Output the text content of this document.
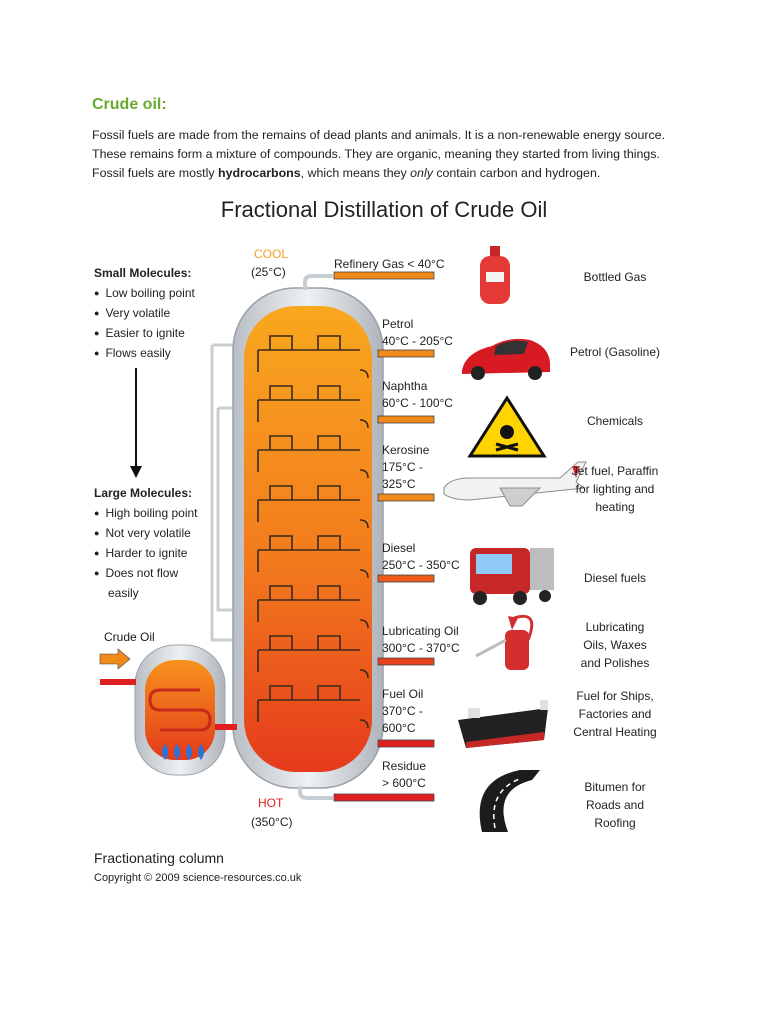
Crude oil:

Fossil fuels are made from the remains of dead plants and animals. It is a non-renewable energy source.

These remains form a mixture of compounds. They are organic, meaning they started from living things.

Fossil fuels are mostly hydrocarbons, which means they only contain carbon and hydrogen.

Fractional Distillation of Crude Oil
COOL
(25°C)
HOT
(350°C)
Small Molecules:
● Low boiling point
● Very volatile
● Easier to ignite
● Flows easily
Large Molecules:
● High boiling point
● Not very volatile
● Harder to ignite
● Does not flow
easily
Crude Oil
Refinery Gas < 40°C
Petrol
40°C - 205°C
Naphtha
60°C - 100°C
Kerosine
175°C - 325°C
Diesel
250°C - 350°C
Lubricating Oil
300°C - 370°C
Fuel Oil
370°C - 600°C
Residue
> 600°C
Bottled Gas
Petrol (Gasoline)
Chemicals
Jet fuel, Paraffin for lighting and heating
Diesel fuels
Lubricating Oils, Waxes and Polishes
Fuel for Ships, Factories and Central Heating
Bitumen for Roads and Roofing
Fractionating column
Copyright © 2009 science-resources.co.uk
